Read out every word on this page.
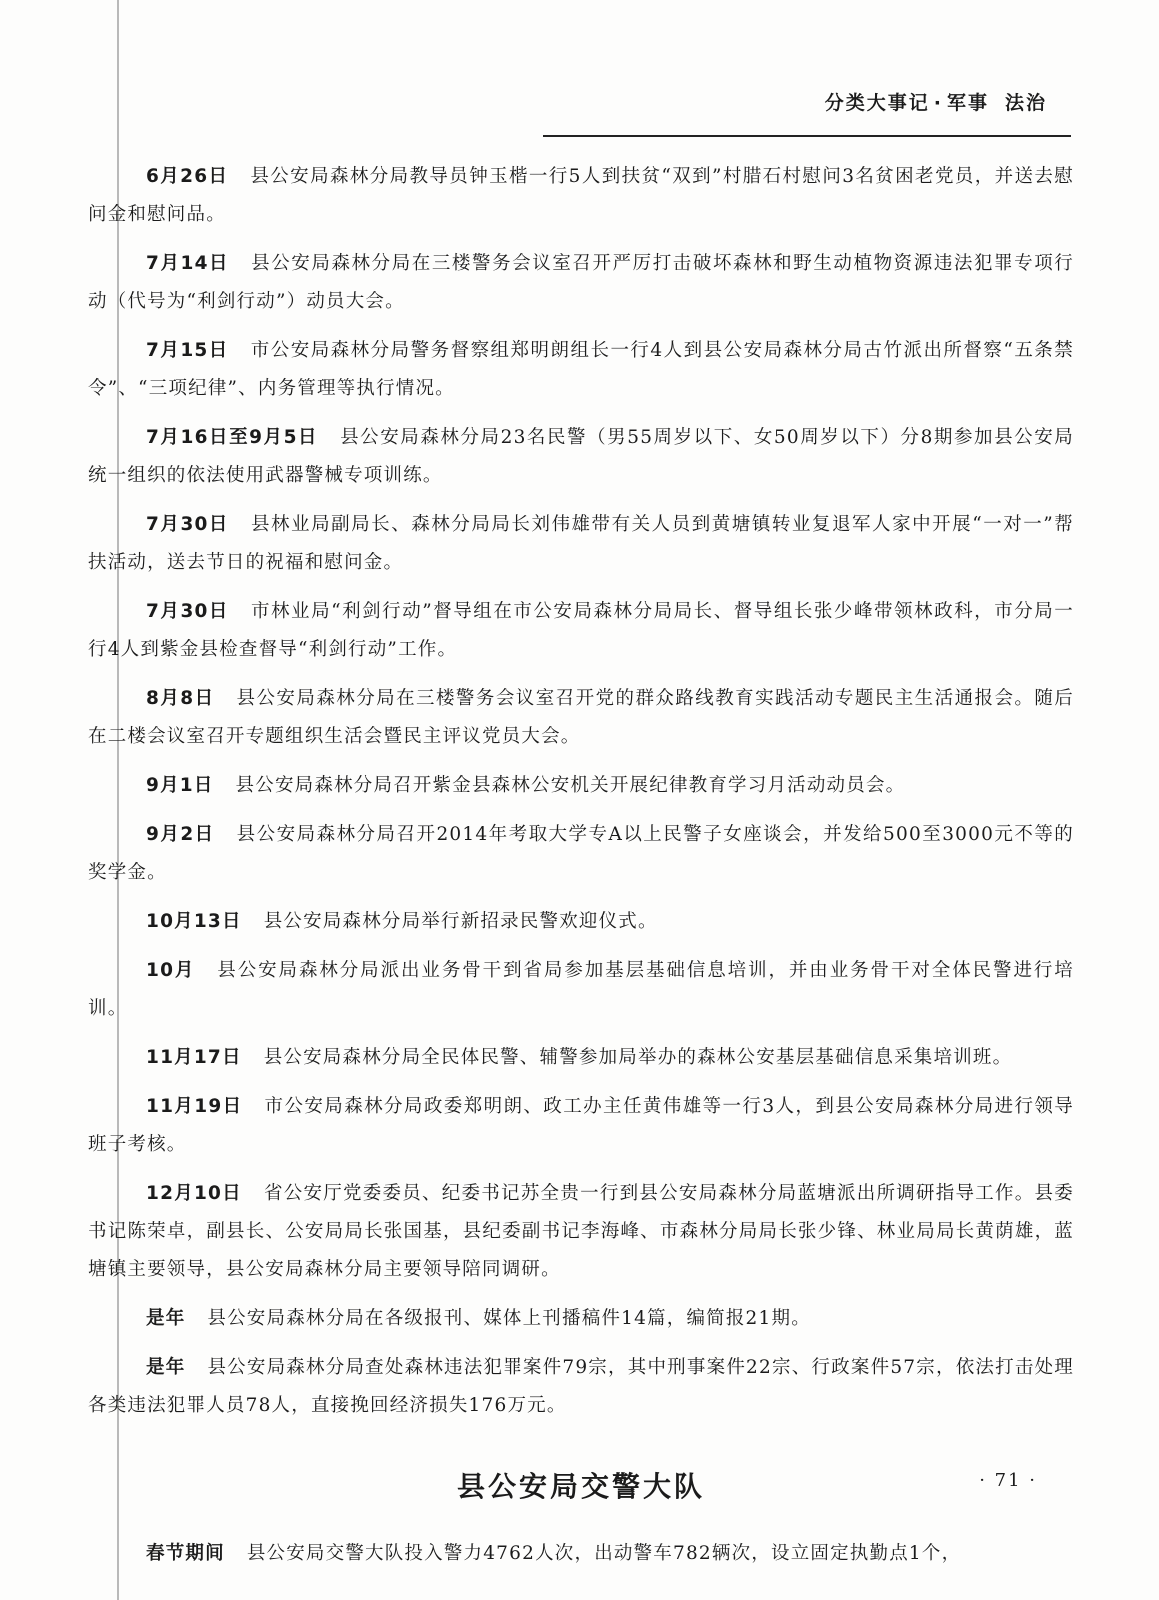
分类大事记 · 军事 法治

6月26日 县公安局森林分局教导员钟玉楷一行5人到扶贫“双到”村腊石村慰问3名贫困老党员，并送去慰问金和慰问品。

7月14日 县公安局森林分局在三楼警务会议室召开严厉打击破坏森林和野生动植物资源违法犯罪专项行动（代号为“利剑行动”）动员大会。

7月15日 市公安局森林分局警务督察组郑明朗组长一行4人到县公安局森林分局古竹派出所督察“五条禁令”、“三项纪律”、内务管理等执行情况。

7月16日至9月5日 县公安局森林分局23名民警（男55周岁以下、女50周岁以下）分8期参加县公安局统一组织的依法使用武器警械专项训练。

7月30日 县林业局副局长、森林分局局长刘伟雄带有关人员到黄塘镇转业复退军人家中开展“一对一”帮扶活动，送去节日的祝福和慰问金。

7月30日 市林业局“利剑行动”督导组在市公安局森林分局局长、督导组长张少峰带领林政科，市分局一行4人到紫金县检查督导“利剑行动”工作。

8月8日 县公安局森林分局在三楼警务会议室召开党的群众路线教育实践活动专题民主生活通报会。随后在二楼会议室召开专题组织生活会暨民主评议党员大会。

9月1日 县公安局森林分局召开紫金县森林公安机关开展纪律教育学习月活动动员会。

9月2日 县公安局森林分局召开2014年考取大学专A以上民警子女座谈会，并发给500至3000元不等的奖学金。

10月13日 县公安局森林分局举行新招录民警欢迎仪式。

10月 县公安局森林分局派出业务骨干到省局参加基层基础信息培训，并由业务骨干对全体民警进行培训。

11月17日 县公安局森林分局全民体民警、辅警参加局举办的森林公安基层基础信息采集培训班。

11月19日 市公安局森林分局政委郑明朗、政工办主任黄伟雄等一行3人，到县公安局森林分局进行领导班子考核。

12月10日 省公安厅党委委员、纪委书记苏全贵一行到县公安局森林分局蓝塘派出所调研指导工作。县委书记陈荣卓，副县长、公安局局长张国基，县纪委副书记李海峰、市森林分局局长张少锋、林业局局长黄荫雄，蓝塘镇主要领导，县公安局森林分局主要领导陪同调研。

是年 县公安局森林分局在各级报刊、媒体上刊播稿件14篇，编简报21期。

是年 县公安局森林分局查处森林违法犯罪案件79宗，其中刑事案件22宗、行政案件57宗，依法打击处理各类违法犯罪人员78人，直接挽回经济损失176万元。

县公安局交警大队

春节期间 县公安局交警大队投入警力4762人次，出动警车782辆次，设立固定执勤点1个，

· 71 ·
